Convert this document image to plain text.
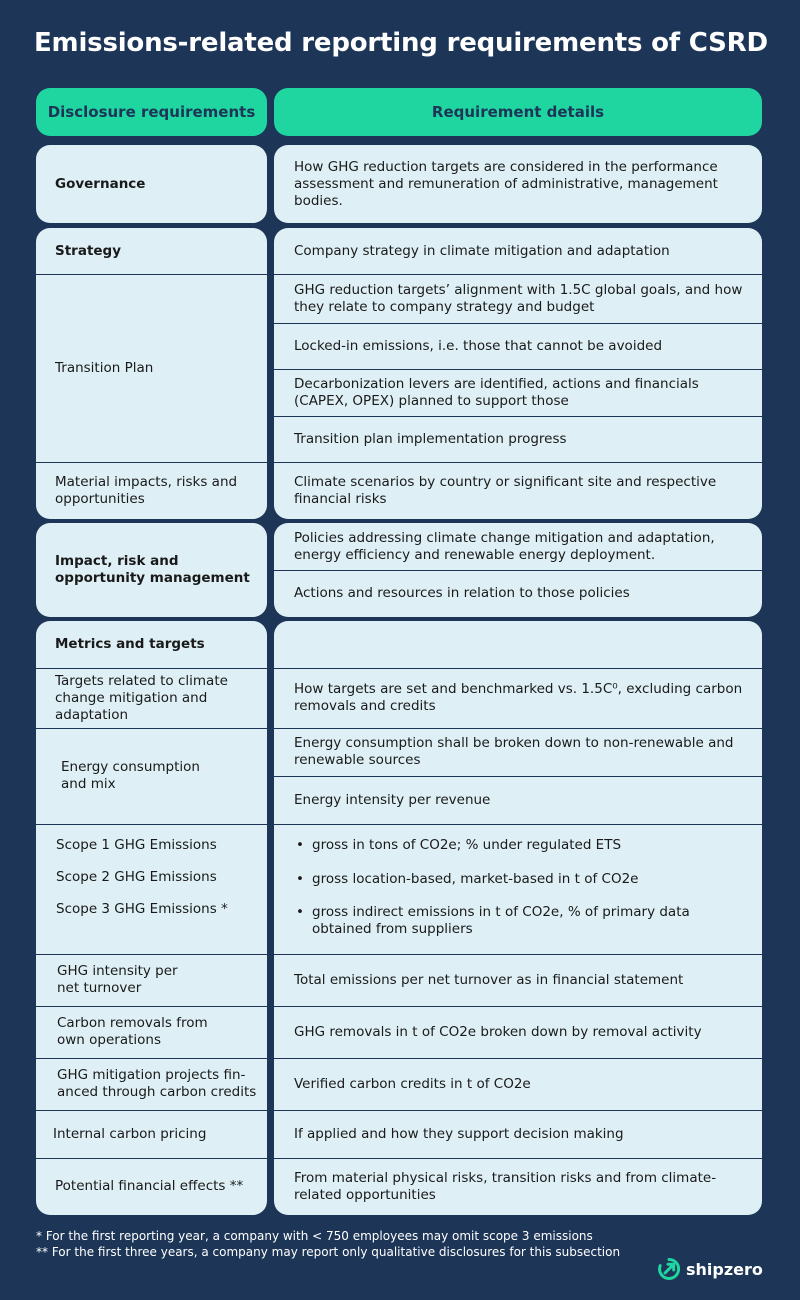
Emissions-related reporting requirements of CSRD
Disclosure requirements	Requirement details
Governance
How GHG reduction targets are considered in the performance assessment and remuneration of administrative, management bodies.
Strategy
Transition Plan
Material impacts, risks and opportunities
Company strategy in climate mitigation and adaptation
GHG reduction targets’ alignment with 1.5C global goals, and how they relate to company strategy and budget
Locked-in emissions, i.e. those that cannot be avoided
Decarbonization levers are identified, actions and financials (CAPEX, OPEX) planned to support those
Transition plan implementation progress
Climate scenarios by country or significant site and respective financial risks
Impact, risk and opportunity management
Policies addressing climate change mitigation and adaptation, energy efficiency and renewable energy deployment.
Actions and resources in relation to those policies
Metrics and targets
Targets related to climate change mitigation and adaptation
Energy consumption and mix
Scope 1 GHG Emissions
Scope 2 GHG Emissions
Scope 3 GHG Emissions *
GHG intensity per net turnover
Carbon removals from own operations
GHG mitigation projects fin-anced through carbon credits
Internal carbon pricing
Potential financial effects **
How targets are set and benchmarked vs. 1.5C⁰, excluding carbon removals and credits
Energy consumption shall be broken down to non-renewable and renewable sources
Energy intensity per revenue
• gross in tons of CO2e; % under regulated ETS
• gross location-based, market-based in t of CO2e
• gross indirect emissions in t of CO2e, % of primary data obtained from suppliers
Total emissions per net turnover as in financial statement
GHG removals in t of CO2e broken down by removal activity
Verified carbon credits in t of CO2e
If applied and how they support decision making
From material physical risks, transition risks and from climate-related opportunities
* For the first reporting year, a company with < 750 employees may omit scope 3 emissions
** For the first three years, a company may report only qualitative disclosures for this subsection
shipzero
